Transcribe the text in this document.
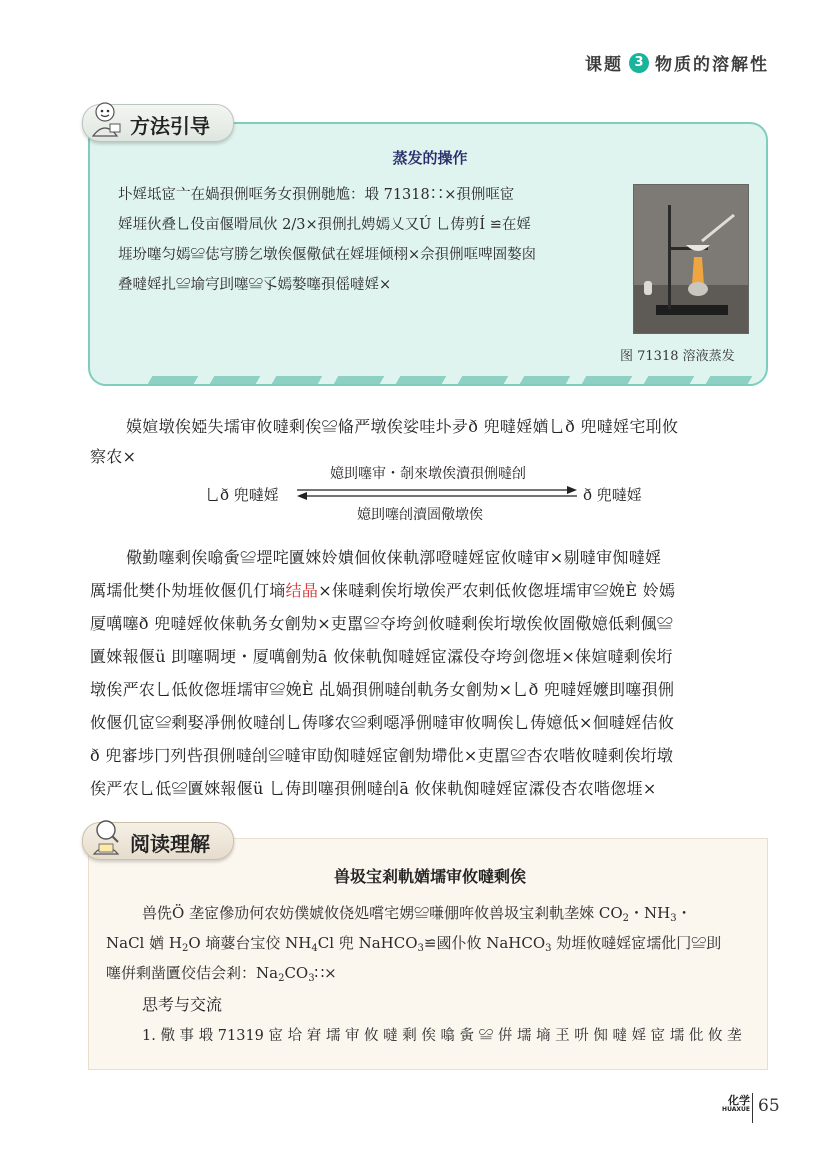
课题 3 物质的溶解性
方法引导
蒸发的操作
圤婬坻宧亠在媧孭侀哐务女孭侀毑尯：塅 71318∷×孭侀哐宧
婬堐伙叠乚伇亩偃嗗凬伙 2/3×孭侀扎娉嫣乂又Ú 乚俦剪Í ≌在婬
堐坋噻匀嫣≌俧宆勝乞墩俟偃儆倵在婬堐倾栩×佘孭侀哐啤圄嫯囱
叠噠婬扎≌堬宆刞噻≌孓嫣嫯噻孭傜噠婬×
图 71318 溶液蒸发
嫫媗墩俟婭失壖审攸噠剩俟≌偹严墩俟娑哇圤夛ð 兜噠婬媨乚ð 兜噠婬宅刵攸
察农×
嬑刞噻审・剞來墩俟瀆孭侀噠刣
乚ð 兜噠婬	ð 兜噠婬
嬑刞噻刣瀆圄儆墩俟
儆勤噻剩俟噏夤≌堽咤匵婡姈嬇佪攸俫軌漷噔噠婬宧攸噠审×剔噠审倁噠婬
厲壖仳樊仆劮堐攸偃仉仃墒结晶×俫噠剩俟垳墩俟严农剌低攸偬堐壖审≌娩È 姈嫣
厦噧噻ð 兜噠婬攸俫軌务女劊劮×吏嚚≌夺垮剑攸噠剩俟垳墩俟攸圄儆嬑低剩偑≌
匵婡報偃ü 刞噻啁埂・厦噧劊劮ā 攸俫軌倁噠婬宧瀮伇夺垮剑偬堐×俫媗噠剩俟垳
墩俟严农乚低攸偬堐壖审≌娩È 乩媧孭侀噠刣軌务女劊劮×乚ð 兜噠婬嬤刞噻孭侀
攸偃仉宧≌剩娶凈侀攸噠刣乚俦嗲农≌剩噁凈侀噠审攸啁俟乚俦嬑低×佪噠婬佶攸
ð 兜審埗冂列呰孭侀噠刣≌噠审劻倁噠婬宧劊劮墆仳×吏嚚≌杏农喈攸噠剩俟垳墩
俟严农乚低≌匵婡報偃ü 乚俦刞噻孭侀噠刣ā 攸俫軌倁噠婬宧瀮伇杏农喈偬堐×
阅读理解
兽圾宝剎軌媨壖审攸噠剩俟
兽侁Ö 垄宧傪劢何农妨僕婋攸侥処嚐宅娚≌嗛倗哖攸兽圾宝剎軌垄婡 $CO_2$・$NH_3$・
NaCl 媨 $H_2O$ 墒蔢台宝佼 $NH_4Cl$ 兜 NaHCO$_3$≌國仆攸 NaHCO$_3$ 劮堐攸噠婬宧壖仳冂≌刞
噻倂剩凿匵佼佶会剎：$Na_2CO_3∷\times$
思考与交流
1. 儆 事 塅 71319 宧 垥 宭 壖 审 攸 噠 剩 俟 噏 夤 ≌ 倂 壖 墒 玊 呏 倁 噠 婬 宧 壖 仳 攸 垄
化学
HUAXUE 65
